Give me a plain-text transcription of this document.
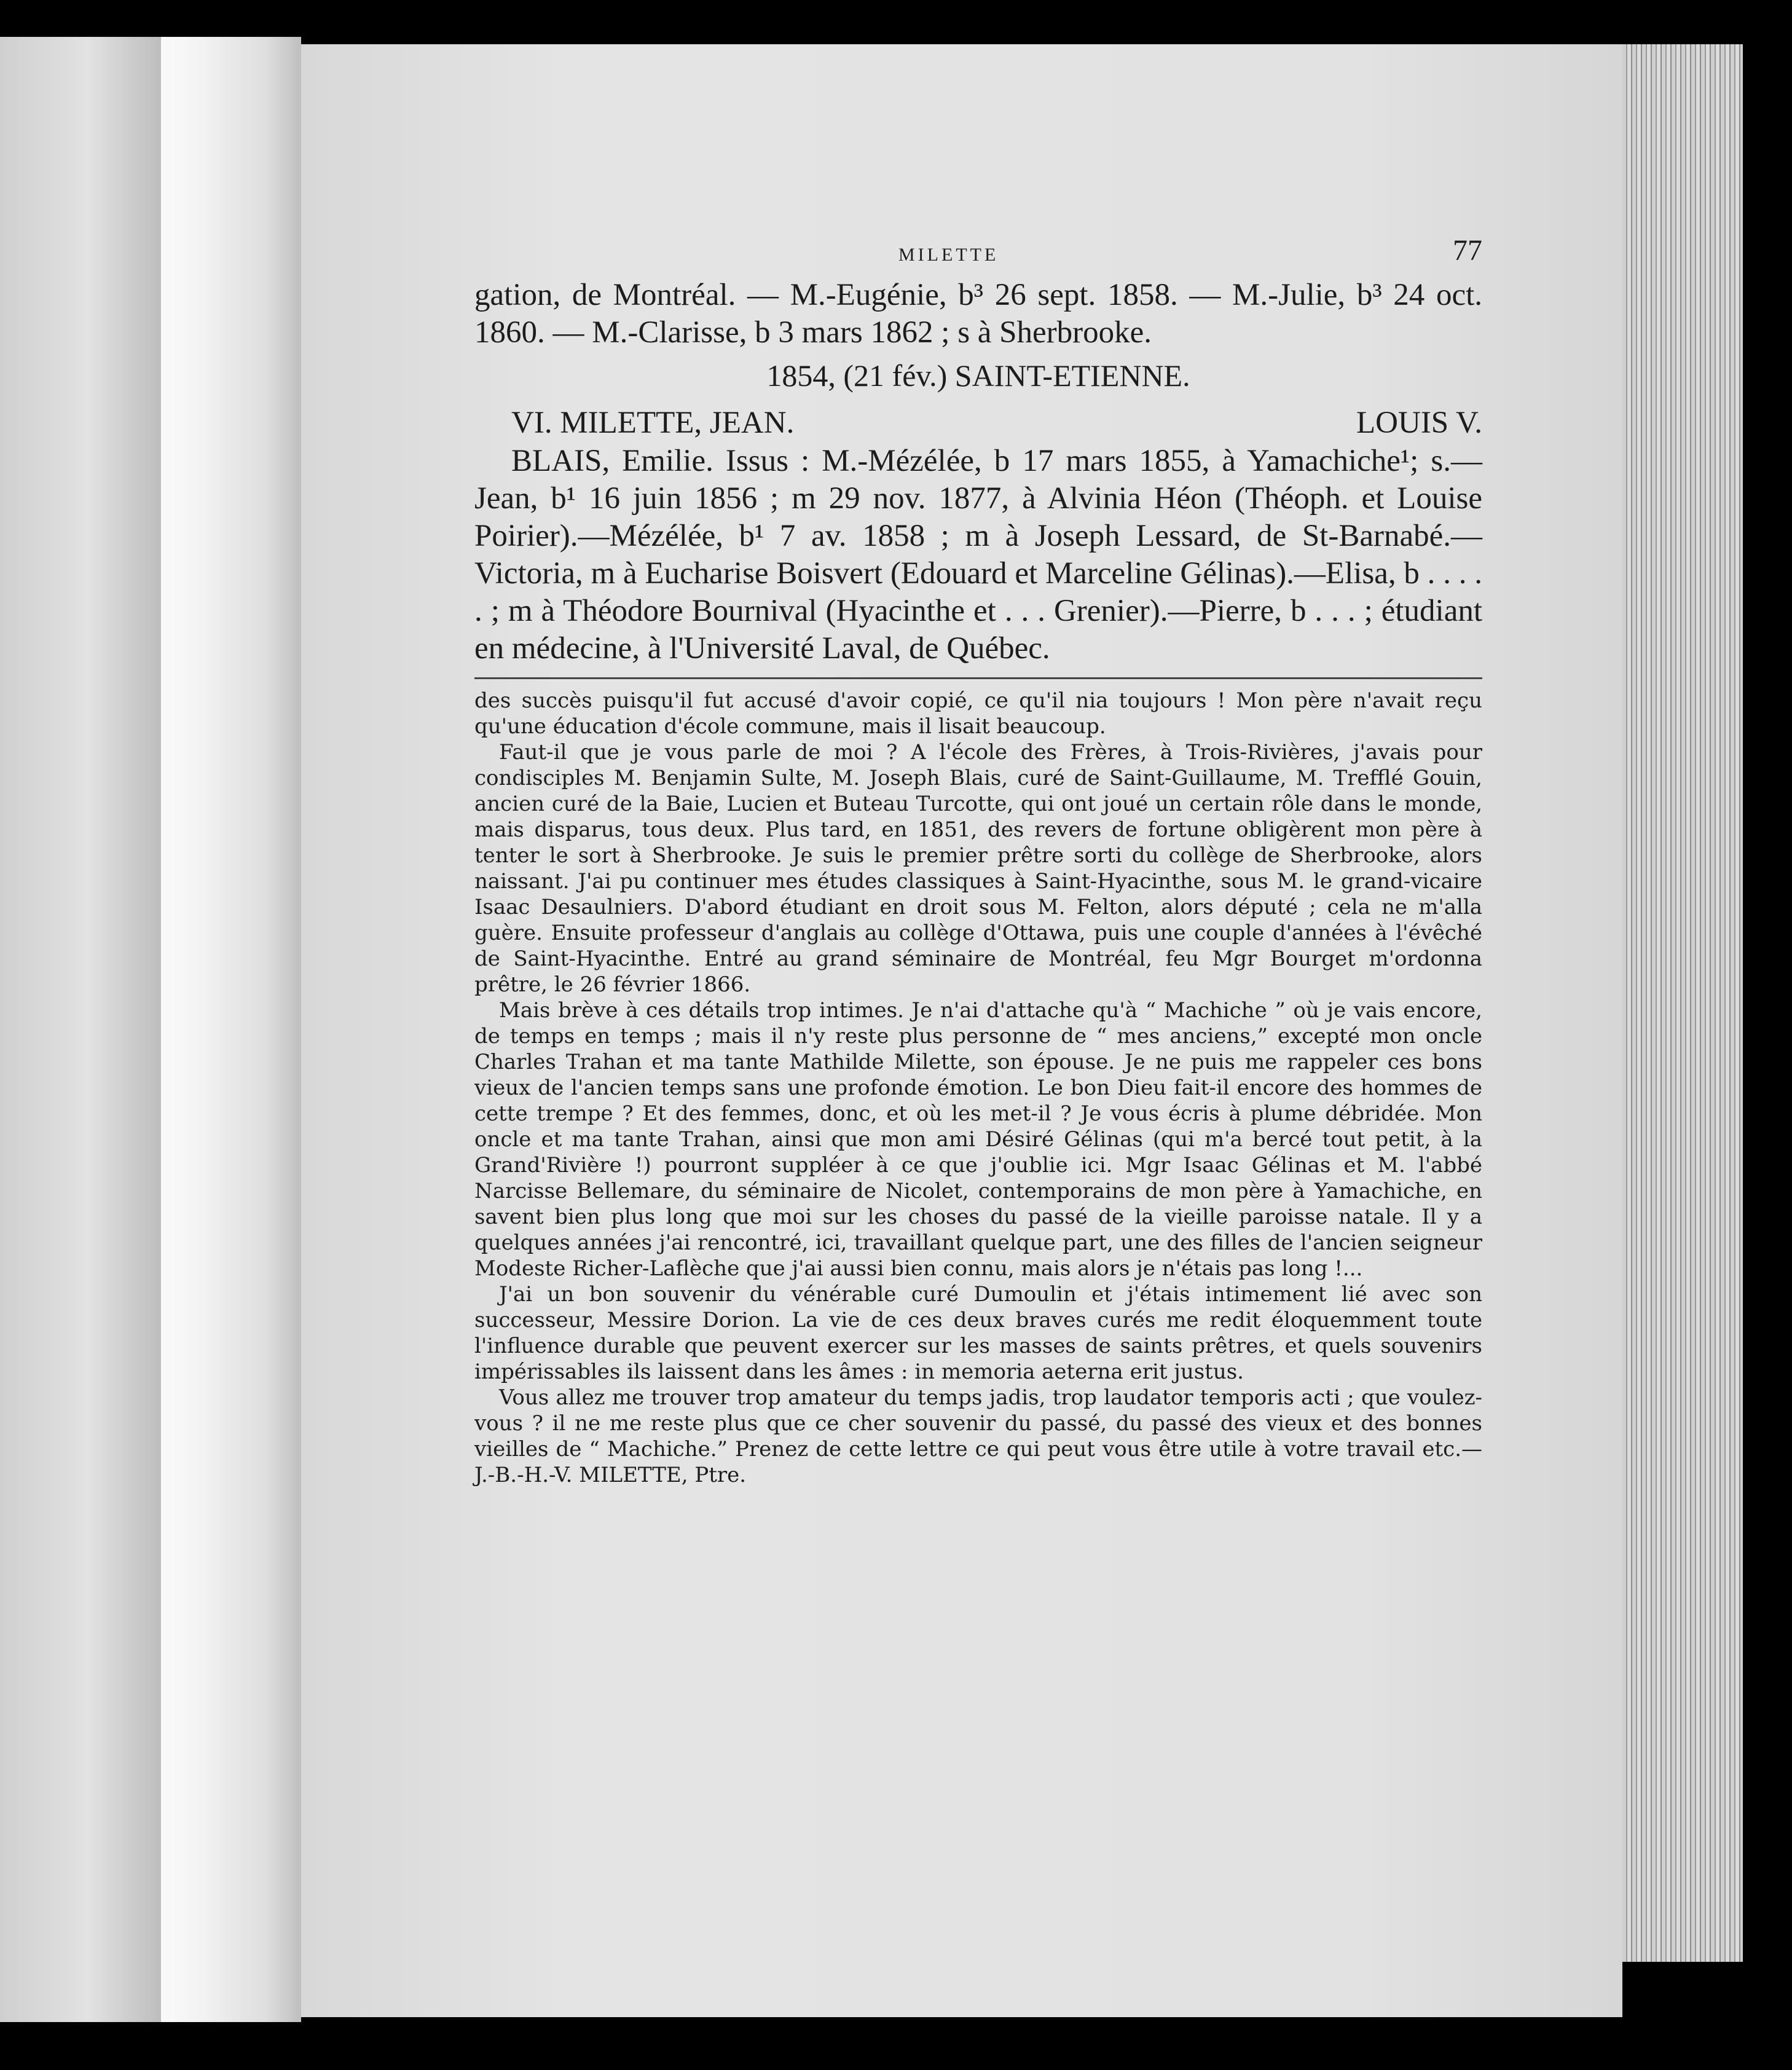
MILETTE	77

gation, de Montréal. — M.-Eugénie, b³ 26 sept. 1858. — M.-Julie, b³ 24 oct. 1860. — M.-Clarisse, b 3 mars 1862 ; s à Sherbrooke.

1854, (21 fév.) SAINT-ETIENNE.

VI. MILETTE, JEAN.	LOUIS V.

BLAIS, Emilie. Issus : M.-Mézélée, b 17 mars 1855, à Yamachiche¹; s.—Jean, b¹ 16 juin 1856 ; m 29 nov. 1877, à Alvinia Héon (Théoph. et Louise Poirier).—Mézélée, b¹ 7 av. 1858 ; m à Joseph Lessard, de St-Barnabé.—Victoria, m à Eucharise Boisvert (Edouard et Marceline Gélinas).—Elisa, b . . . . . ; m à Théodore Bournival (Hyacinthe et . . . Grenier).—Pierre, b . . . ; étudiant en médecine, à l'Université Laval, de Québec.

des succès puisqu'il fut accusé d'avoir copié, ce qu'il nia toujours ! Mon père n'avait reçu qu'une éducation d'école commune, mais il lisait beaucoup.

Faut-il que je vous parle de moi ? A l'école des Frères, à Trois-Rivières, j'avais pour condisciples M. Benjamin Sulte, M. Joseph Blais, curé de Saint-Guillaume, M. Trefflé Gouin, ancien curé de la Baie, Lucien et Buteau Turcotte, qui ont joué un certain rôle dans le monde, mais disparus, tous deux. Plus tard, en 1851, des revers de fortune obligèrent mon père à tenter le sort à Sherbrooke. Je suis le premier prêtre sorti du collège de Sherbrooke, alors naissant. J'ai pu continuer mes études classiques à Saint-Hyacinthe, sous M. le grand-vicaire Isaac Desaulniers. D'abord étudiant en droit sous M. Felton, alors député ; cela ne m'alla guère. Ensuite professeur d'anglais au collège d'Ottawa, puis une couple d'années à l'évêché de Saint-Hyacinthe. Entré au grand séminaire de Montréal, feu Mgr Bourget m'ordonna prêtre, le 26 février 1866.

Mais brève à ces détails trop intimes. Je n'ai d'attache qu'à “ Machiche ” où je vais encore, de temps en temps ; mais il n'y reste plus personne de “ mes anciens,” excepté mon oncle Charles Trahan et ma tante Mathilde Milette, son épouse. Je ne puis me rappeler ces bons vieux de l'ancien temps sans une profonde émotion. Le bon Dieu fait-il encore des hommes de cette trempe ? Et des femmes, donc, et où les met-il ? Je vous écris à plume débridée. Mon oncle et ma tante Trahan, ainsi que mon ami Désiré Gélinas (qui m'a bercé tout petit, à la Grand'Rivière !) pourront suppléer à ce que j'oublie ici. Mgr Isaac Gélinas et M. l'abbé Narcisse Bellemare, du séminaire de Nicolet, contemporains de mon père à Yamachiche, en savent bien plus long que moi sur les choses du passé de la vieille paroisse natale. Il y a quelques années j'ai rencontré, ici, travaillant quelque part, une des filles de l'ancien seigneur Modeste Richer-Laflèche que j'ai aussi bien connu, mais alors je n'étais pas long !...

J'ai un bon souvenir du vénérable curé Dumoulin et j'étais intimement lié avec son successeur, Messire Dorion. La vie de ces deux braves curés me redit éloquemment toute l'influence durable que peuvent exercer sur les masses de saints prêtres, et quels souvenirs impérissables ils laissent dans les âmes : in memoria aeterna erit justus.

Vous allez me trouver trop amateur du temps jadis, trop laudator temporis acti ; que voulez-vous ? il ne me reste plus que ce cher souvenir du passé, du passé des vieux et des bonnes vieilles de “ Machiche.” Prenez de cette lettre ce qui peut vous être utile à votre travail etc.—J.-B.-H.-V. MILETTE, Ptre.
